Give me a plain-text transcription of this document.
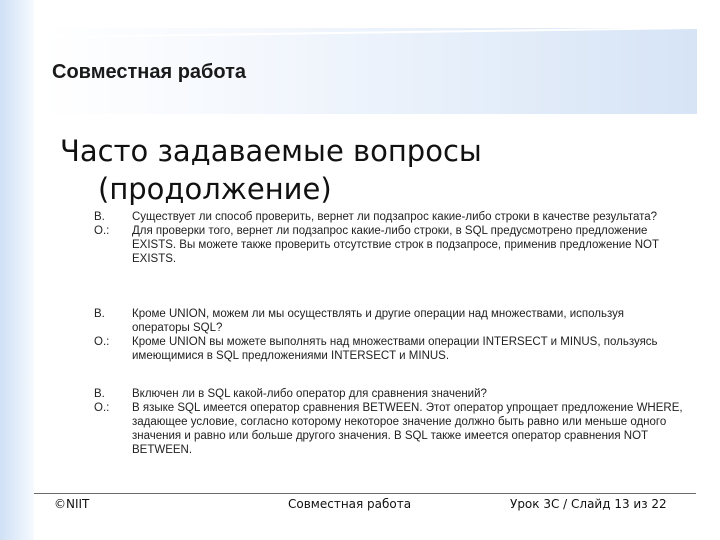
Совместная работа
Часто задаваемые вопросы
(продолжение)
В.	Существует ли способ проверить, вернет ли подзапрос какие-либо строки в качестве результата?
О.:	Для проверки того, вернет ли подзапрос какие-либо строки, в SQL предусмотрено предложение EXISTS. Вы можете также проверить отсутствие строк в подзапросе, применив предложение NOT EXISTS.
В.	Кроме UNION, можем ли мы осуществлять и другие операции над множествами, используя операторы SQL?
О.:	Кроме UNION вы можете выполнять над множествами операции INTERSECT и MINUS, пользуясь имеющимися в SQL предложениями INTERSECT и MINUS.
В.	Включен ли в SQL какой-либо оператор для сравнения значений?
О.:	В языке SQL имеется оператор сравнения BETWEEN. Этот оператор упрощает предложение WHERE, задающее условие, согласно которому некоторое значение должно быть равно или меньше одного значения и равно или больше другого значения. В SQL также имеется оператор сравнения NOT BETWEEN.
©NIIT	Совместная работа	Урок 3C / Слайд 13 из 22
